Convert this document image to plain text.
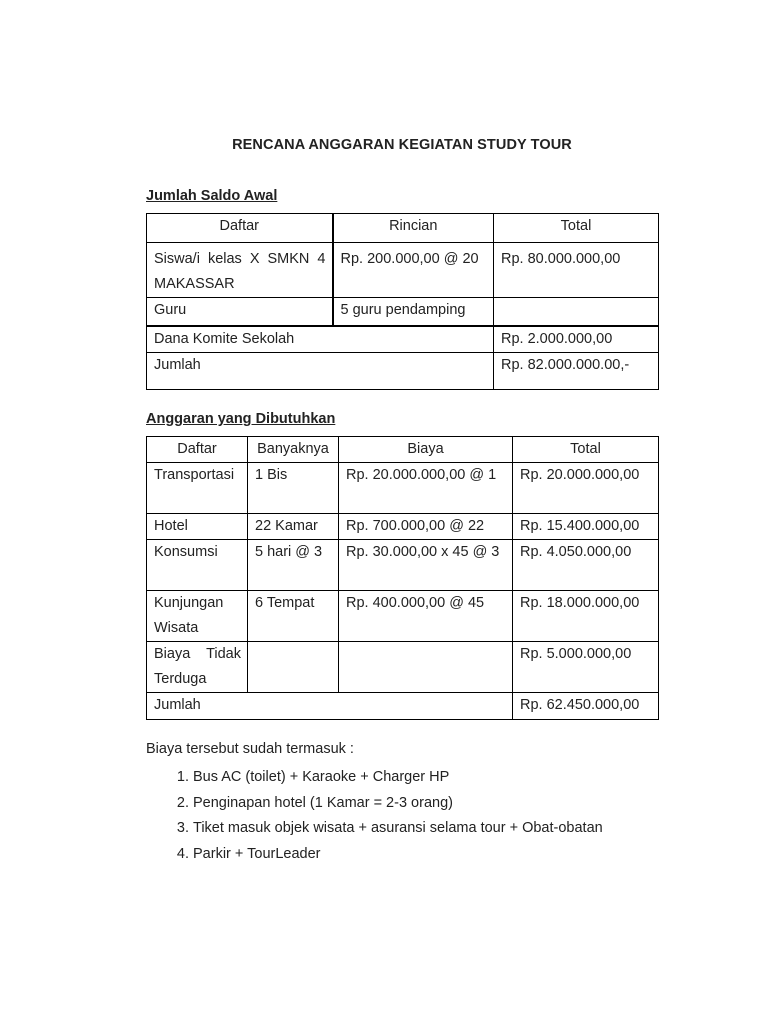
RENCANA ANGGARAN KEGIATAN STUDY TOUR
Jumlah Saldo Awal
Daftar	Rincian	Total
Siswa/i kelas X SMKN 4 MAKASSAR	Rp. 200.000,00 @ 20	Rp. 80.000.000,00
Guru	5 guru pendamping	
Dana Komite Sekolah		Rp. 2.000.000,00
Jumlah		Rp. 82.000.000.00,-
Anggaran yang Dibutuhkan
Daftar	Banyaknya	Biaya	Total
Transportasi	1 Bis	Rp. 20.000.000,00 @ 1	Rp. 20.000.000,00
Hotel	22 Kamar	Rp. 700.000,00 @ 22	Rp. 15.400.000,00
Konsumsi	5 hari @ 3	Rp. 30.000,00 x 45 @ 3	Rp. 4.050.000,00
Kunjungan Wisata	6 Tempat	Rp. 400.000,00 @ 45	Rp. 18.000.000,00
Biaya Tidak Terduga			Rp. 5.000.000,00
Jumlah			Rp. 62.450.000,00
Biaya tersebut sudah termasuk :
1. Bus AC (toilet) + Karaoke + Charger HP
2. Penginapan hotel (1 Kamar = 2-3 orang)
3. Tiket masuk objek wisata + asuransi selama tour + Obat-obatan
4. Parkir + TourLeader
